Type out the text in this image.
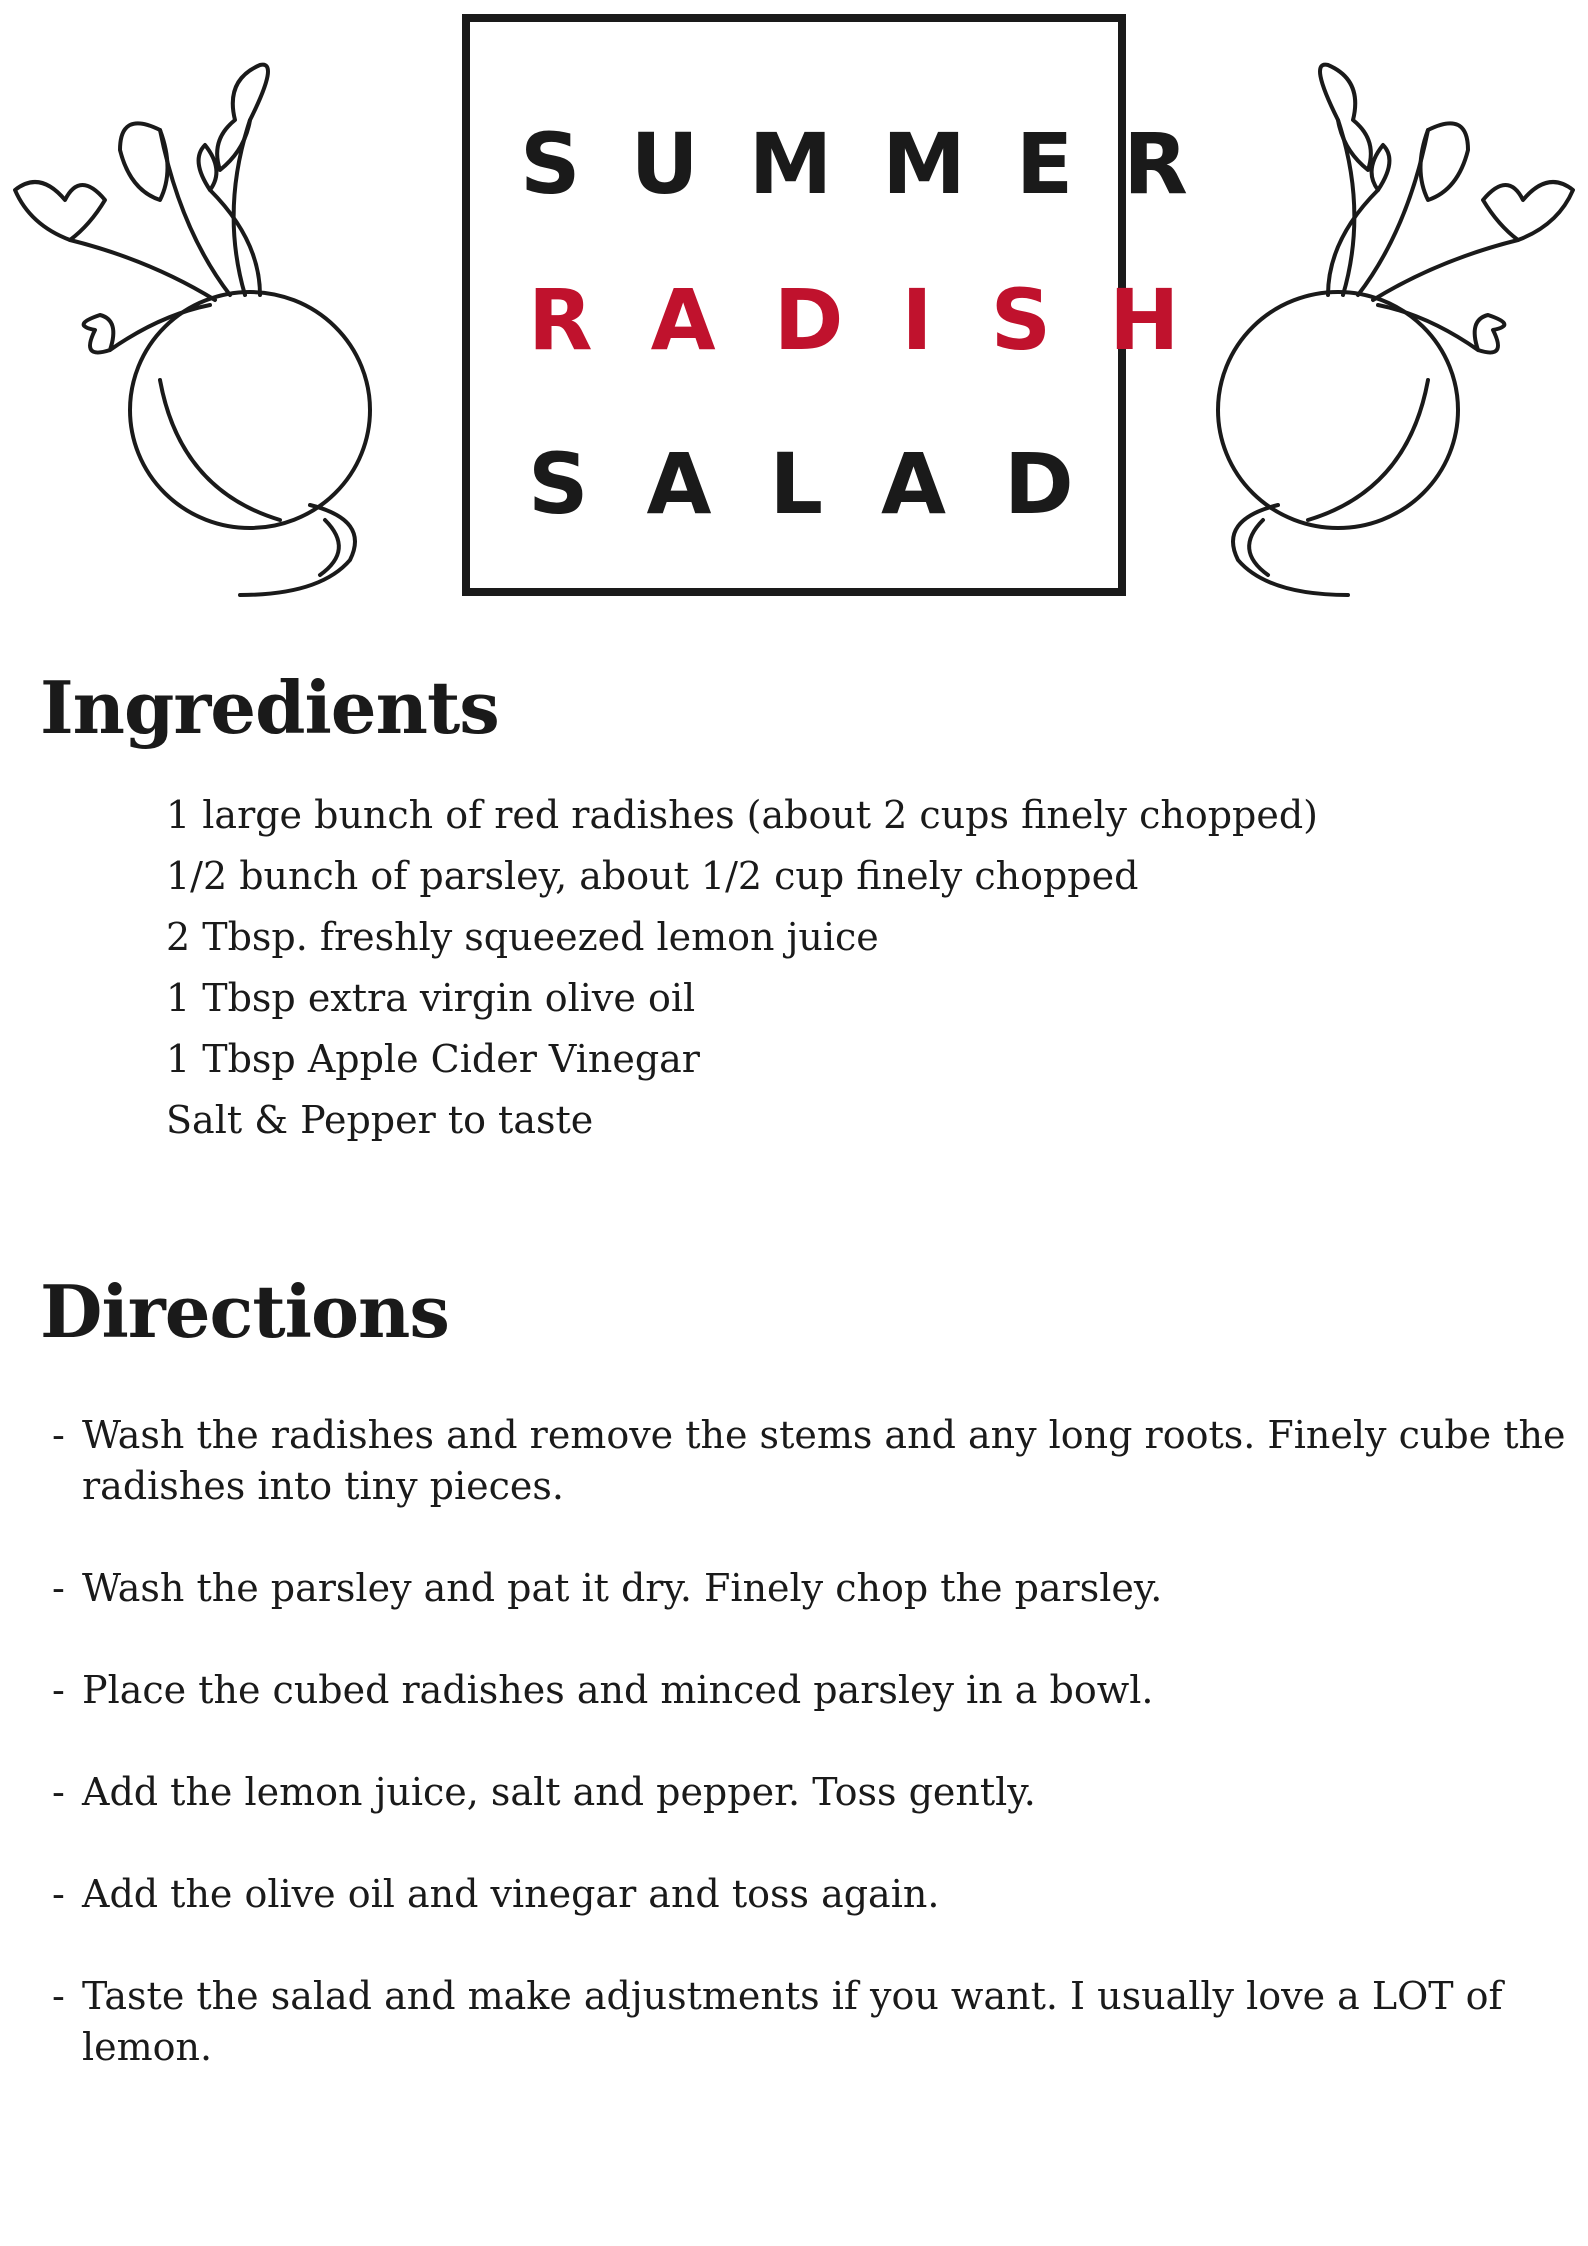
SUMMER
RADISH
SALAD
Ingredients
1 large bunch of red radishes (about 2 cups finely chopped)
1/2 bunch of parsley, about 1/2 cup finely chopped
2 Tbsp. freshly squeezed lemon juice
1 Tbsp extra virgin olive oil
1 Tbsp Apple Cider Vinegar
Salt & Pepper to taste
Directions
- Wash the radishes and remove the stems and any long roots. Finely cube the radishes into tiny pieces.
- Wash the parsley and pat it dry. Finely chop the parsley.
- Place the cubed radishes and minced parsley in a bowl.
- Add the lemon juice, salt and pepper. Toss gently.
- Add the olive oil and vinegar and toss again.
- Taste the salad and make adjustments if you want. I usually love a LOT of lemon.
